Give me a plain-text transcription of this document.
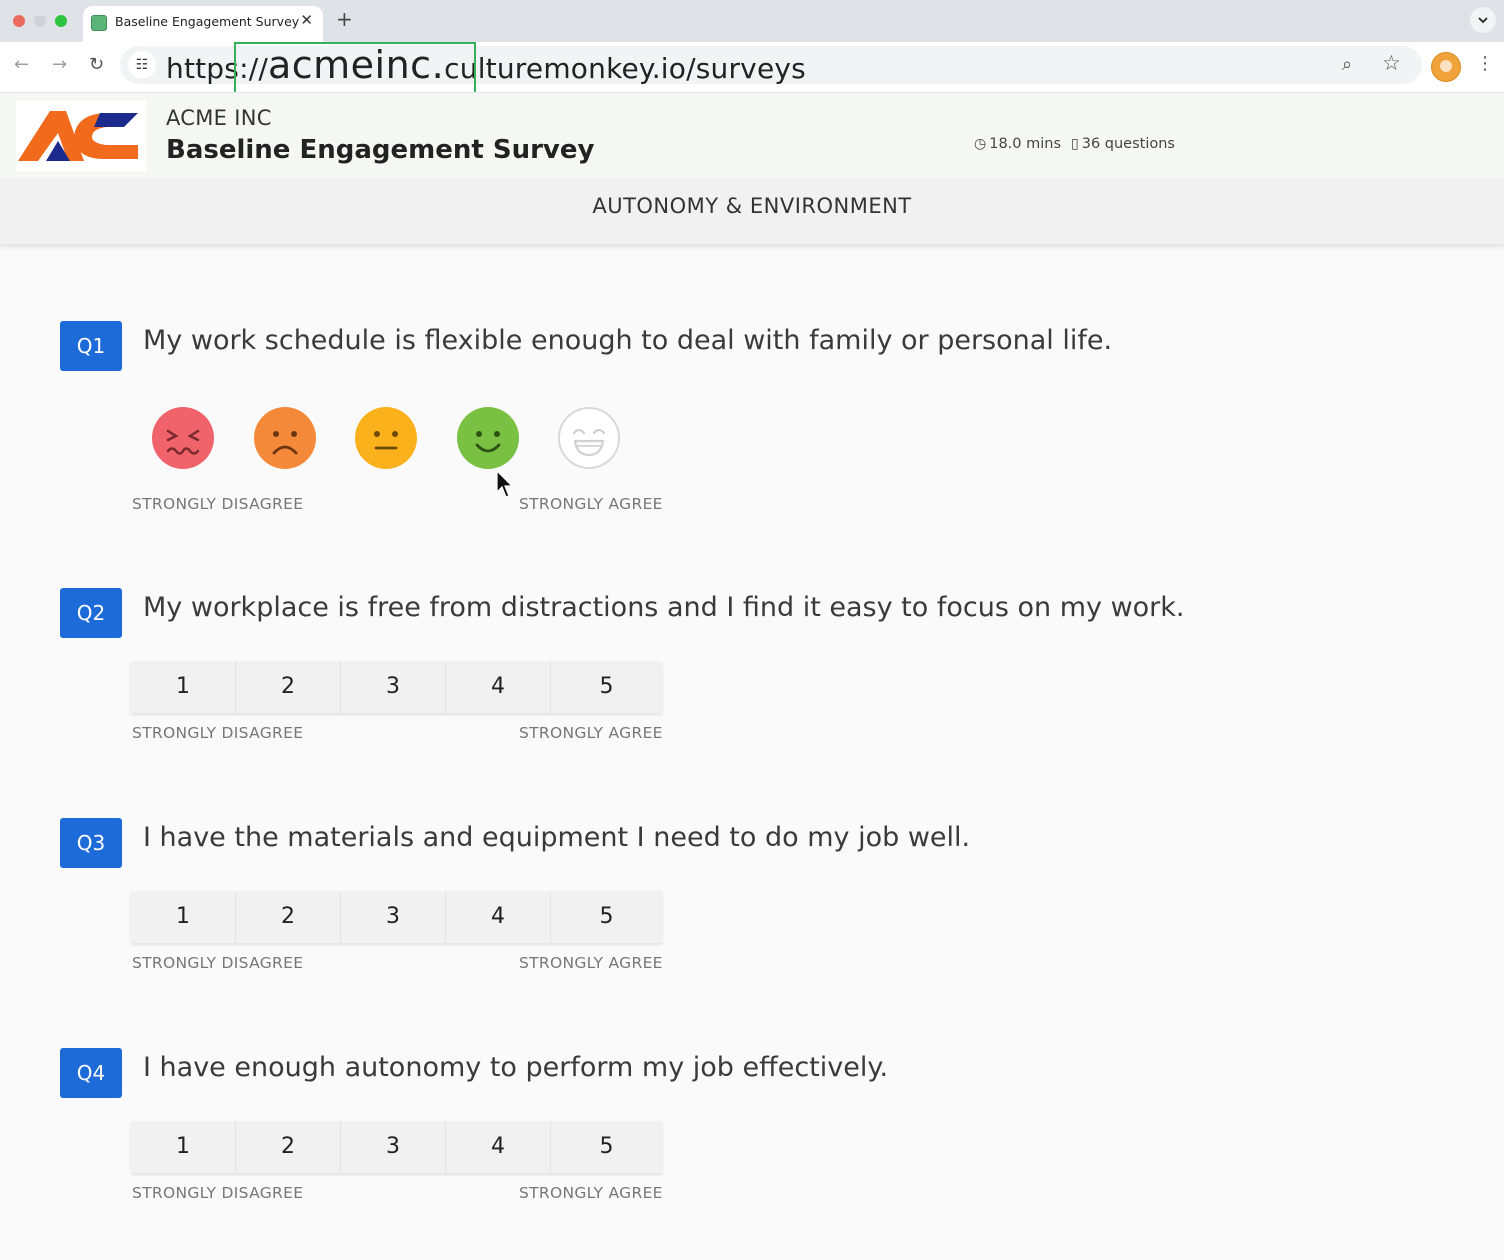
Baseline Engagement Survey ✕ +
← → ↻	☷ https://acmeinc.culturemonkey.io/surveys	⌕ ☆	⋮
ACME INC
Baseline Engagement Survey	◷ 18.0 mins ▯ 36 questions
AUTONOMY & ENVIRONMENT
Q1	My work schedule is flexible enough to deal with family or personal life.
STRONGLY DISAGREE	STRONGLY AGREE
Q2	My workplace is free from distractions and I find it easy to focus on my work.
1	2	3	4	5
STRONGLY DISAGREE	STRONGLY AGREE
Q3	I have the materials and equipment I need to do my job well.
1	2	3	4	5
STRONGLY DISAGREE	STRONGLY AGREE
Q4	I have enough autonomy to perform my job effectively.
1	2	3	4	5
STRONGLY DISAGREE	STRONGLY AGREE
